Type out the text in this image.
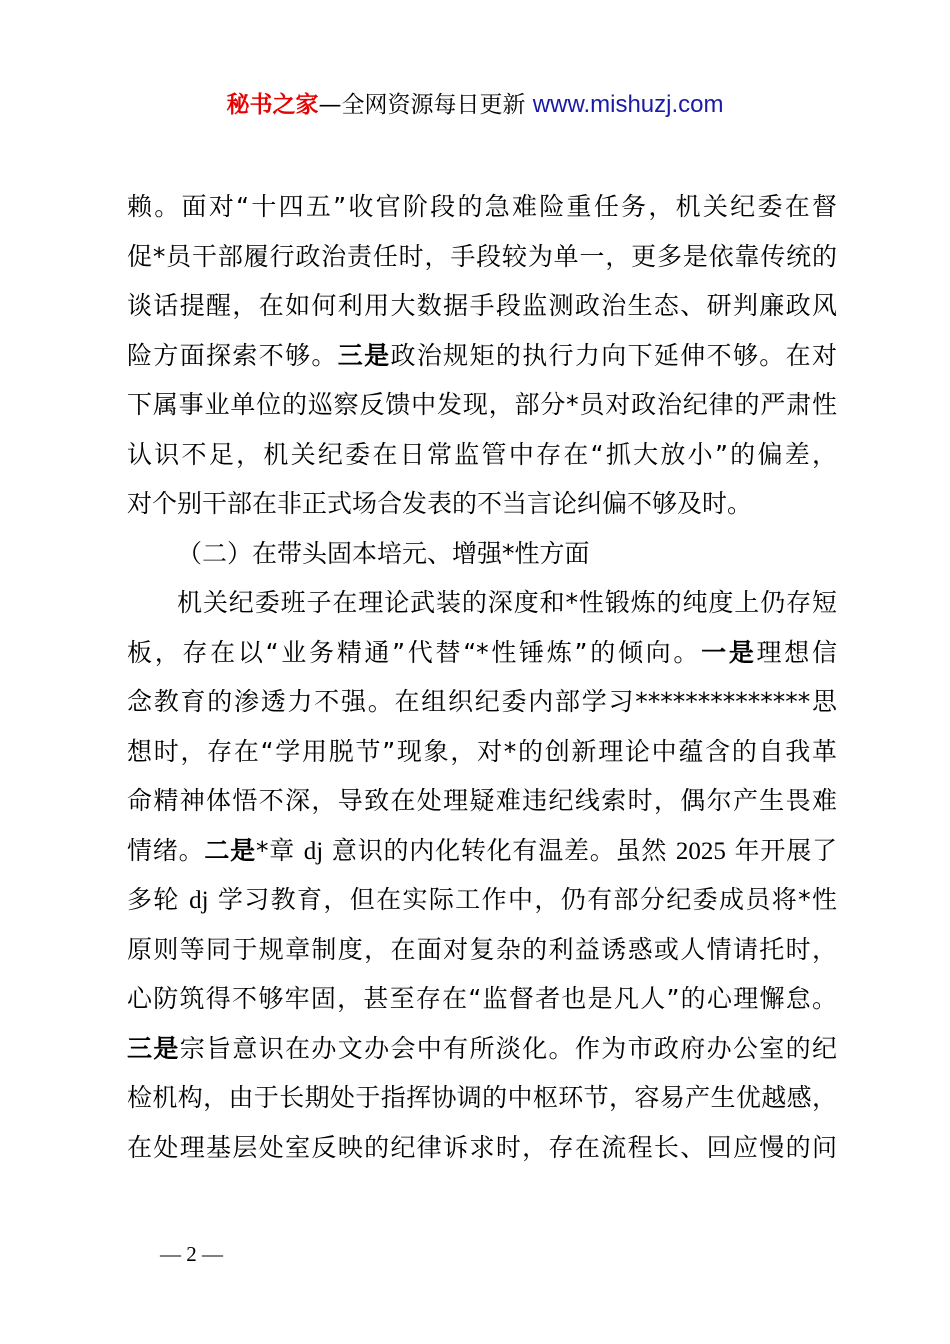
秘书之家—全网资源每日更新 www.mishuzj.com
赖。面对“十四五”收官阶段的急难险重任务，机关纪委在督
促*员干部履行政治责任时，手段较为单一，更多是依靠传统的
谈话提醒，在如何利用大数据手段监测政治生态、研判廉政风
险方面探索不够。三是政治规矩的执行力向下延伸不够。在对
下属事业单位的巡察反馈中发现，部分*员对政治纪律的严肃性
认识不足，机关纪委在日常监管中存在“抓大放小”的偏差，
对个别干部在非正式场合发表的不当言论纠偏不够及时。
（二）在带头固本培元、增强*性方面
机关纪委班子在理论武装的深度和*性锻炼的纯度上仍存短
板，存在以“业务精通”代替“*性锤炼”的倾向。一是理想信
念教育的渗透力不强。在组织纪委内部学习**************思
想时，存在“学用脱节”现象，对*的创新理论中蕴含的自我革
命精神体悟不深，导致在处理疑难违纪线索时，偶尔产生畏难
情绪。二是*章 dj 意识的内化转化有温差。虽然 2025 年开展了
多轮 dj 学习教育，但在实际工作中，仍有部分纪委成员将*性
原则等同于规章制度，在面对复杂的利益诱惑或人情请托时，
心防筑得不够牢固，甚至存在“监督者也是凡人”的心理懈怠。
三是宗旨意识在办文办会中有所淡化。作为市政府办公室的纪
检机构，由于长期处于指挥协调的中枢环节，容易产生优越感，
在处理基层处室反映的纪律诉求时，存在流程长、回应慢的问
— 2 —
